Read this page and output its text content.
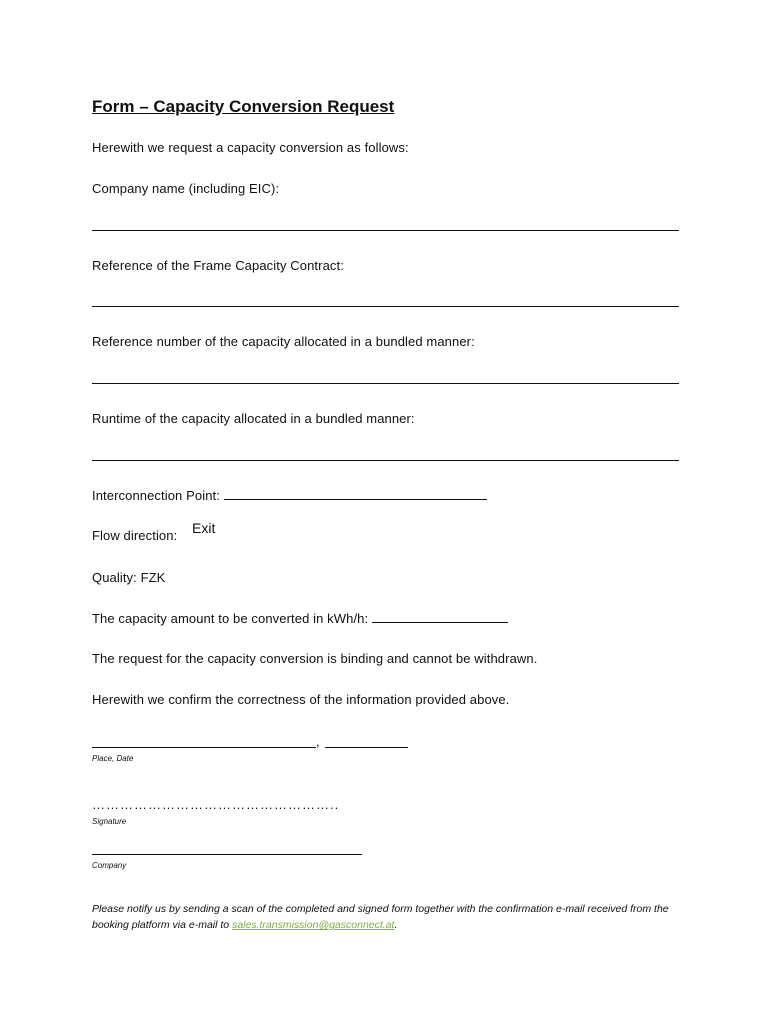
Form – Capacity Conversion Request
Herewith we request a capacity conversion as follows:
Company name (including EIC):
Reference of the Frame Capacity Contract:
Reference number of the capacity allocated in a bundled manner:
Runtime of the capacity allocated in a bundled manner:
Interconnection Point:
Flow direction: Exit
Quality: FZK
The capacity amount to be converted in kWh/h:
The request for the capacity conversion is binding and cannot be withdrawn.
Herewith we confirm the correctness of the information provided above.
,
Place, Date
……………………………………………..
Signature
Company
Please notify us by sending a scan of the completed and signed form together with the confirmation e-mail received from the booking platform via e-mail to sales.transmission@gasconnect.at.
